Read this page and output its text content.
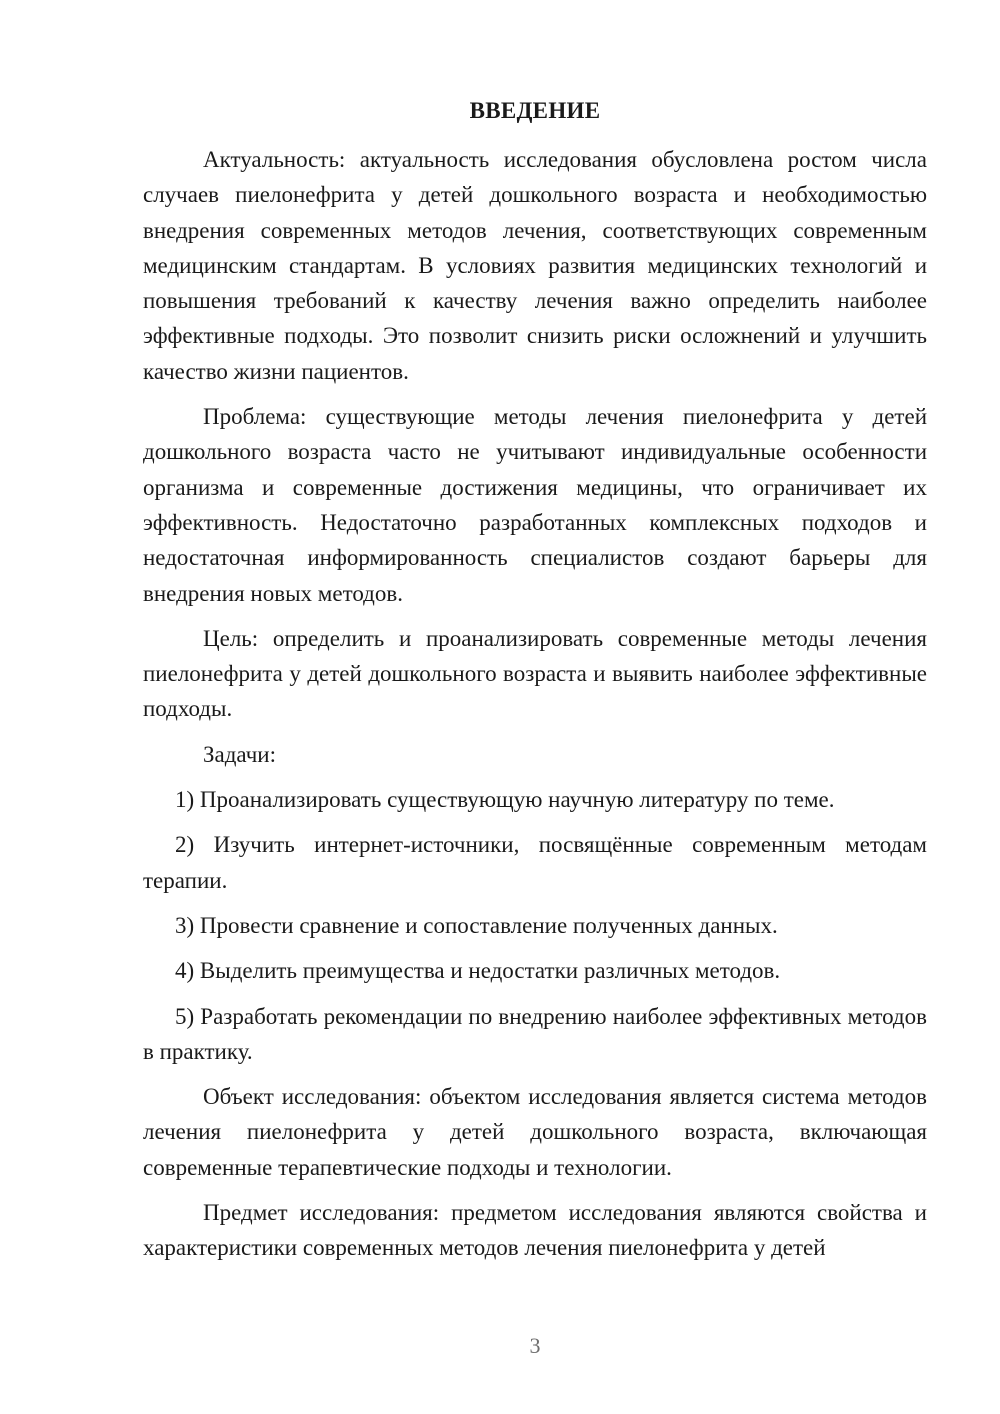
ВВЕДЕНИЕ

Актуальность: актуальность исследования обусловлена ростом числа случаев пиелонефрита у детей дошкольного возраста и необходимостью внедрения современных методов лечения, соответствующих современным медицинским стандартам. В условиях развития медицинских технологий и повышения требований к качеству лечения важно определить наиболее эффективные подходы. Это позволит снизить риски осложнений и улучшить качество жизни пациентов.

Проблема: существующие методы лечения пиелонефрита у детей дошкольного возраста часто не учитывают индивидуальные особенности организма и современные достижения медицины, что ограничивает их эффективность. Недостаточно разработанных комплексных подходов и недостаточная информированность специалистов создают барьеры для внедрения новых методов.

Цель: определить и проанализировать современные методы лечения пиелонефрита у детей дошкольного возраста и выявить наиболее эффективные подходы.

Задачи:

1) Проанализировать существующую научную литературу по теме.

2) Изучить интернет-источники, посвящённые современным методам терапии.

3) Провести сравнение и сопоставление полученных данных.

4) Выделить преимущества и недостатки различных методов.

5) Разработать рекомендации по внедрению наиболее эффективных методов в практику.

Объект исследования: объектом исследования является система методов лечения пиелонефрита у детей дошкольного возраста, включающая современные терапевтические подходы и технологии.

Предмет исследования: предметом исследования являются свойства и характеристики современных методов лечения пиелонефрита у детей

3
